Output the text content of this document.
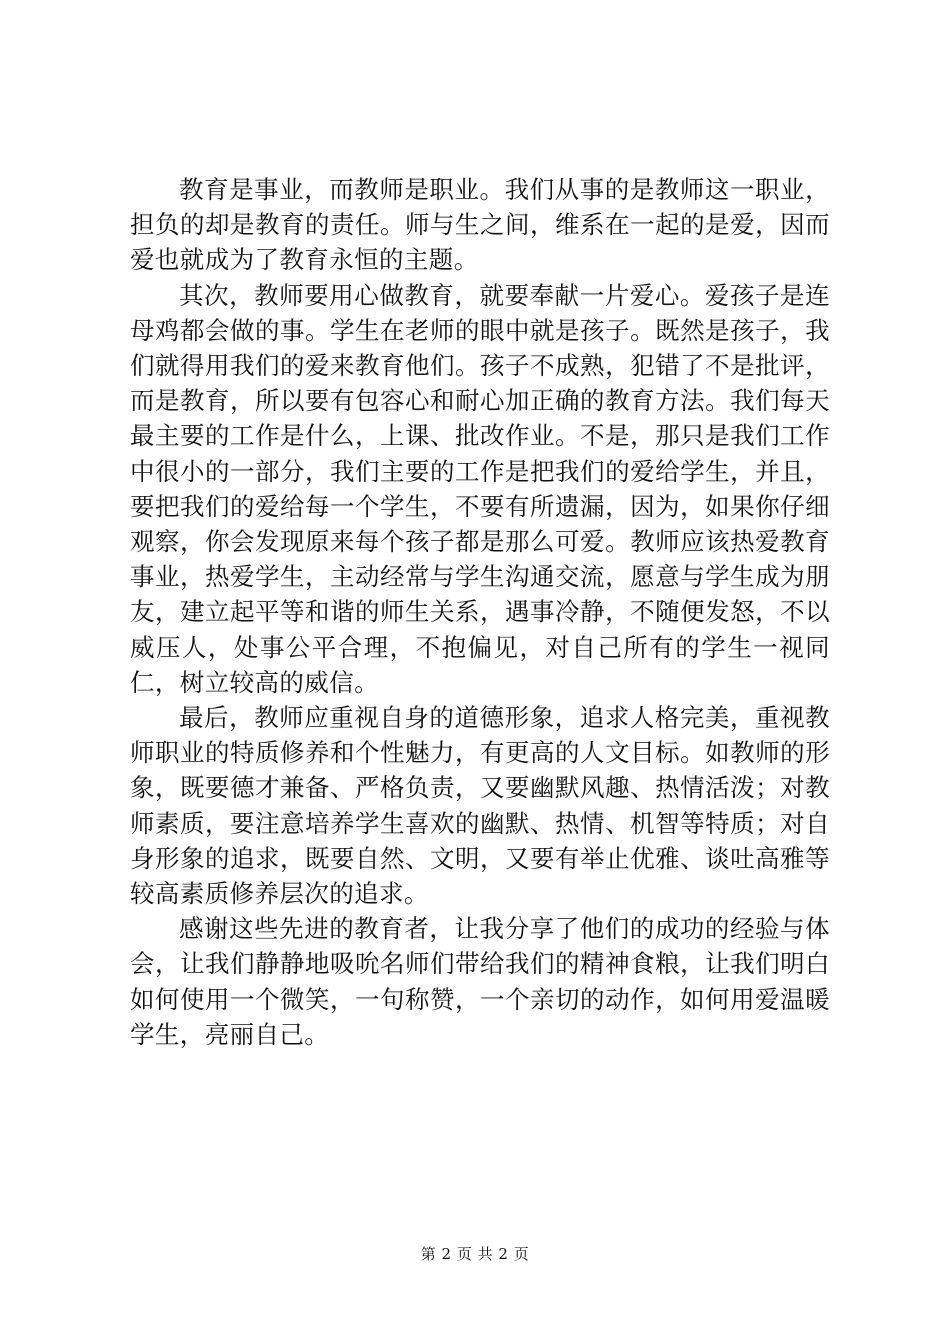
教育是事业，而教师是职业。我们从事的是教师这一职业，担负的却是教育的责任。师与生之间，维系在一起的是爱，因而爱也就成为了教育永恒的主题。

其次，教师要用心做教育，就要奉献一片爱心。爱孩子是连母鸡都会做的事。学生在老师的眼中就是孩子。既然是孩子，我们就得用我们的爱来教育他们。孩子不成熟，犯错了不是批评，而是教育，所以要有包容心和耐心加正确的教育方法。我们每天最主要的工作是什么，上课、批改作业。不是，那只是我们工作中很小的一部分，我们主要的工作是把我们的爱给学生，并且，要把我们的爱给每一个学生，不要有所遗漏，因为，如果你仔细观察，你会发现原来每个孩子都是那么可爱。教师应该热爱教育事业，热爱学生，主动经常与学生沟通交流，愿意与学生成为朋友，建立起平等和谐的师生关系，遇事冷静，不随便发怒，不以威压人，处事公平合理，不抱偏见，对自己所有的学生一视同仁，树立较高的威信。

最后，教师应重视自身的道德形象，追求人格完美，重视教师职业的特质修养和个性魅力，有更高的人文目标。如教师的形象，既要德才兼备、严格负责，又要幽默风趣、热情活泼；对教师素质，要注意培养学生喜欢的幽默、热情、机智等特质；对自身形象的追求，既要自然、文明，又要有举止优雅、谈吐高雅等较高素质修养层次的追求。

感谢这些先进的教育者，让我分享了他们的成功的经验与体会，让我们静静地吸吮名师们带给我们的精神食粮，让我们明白如何使用一个微笑，一句称赞，一个亲切的动作，如何用爱温暖学生，亮丽自己。

第 2 页 共 2 页
